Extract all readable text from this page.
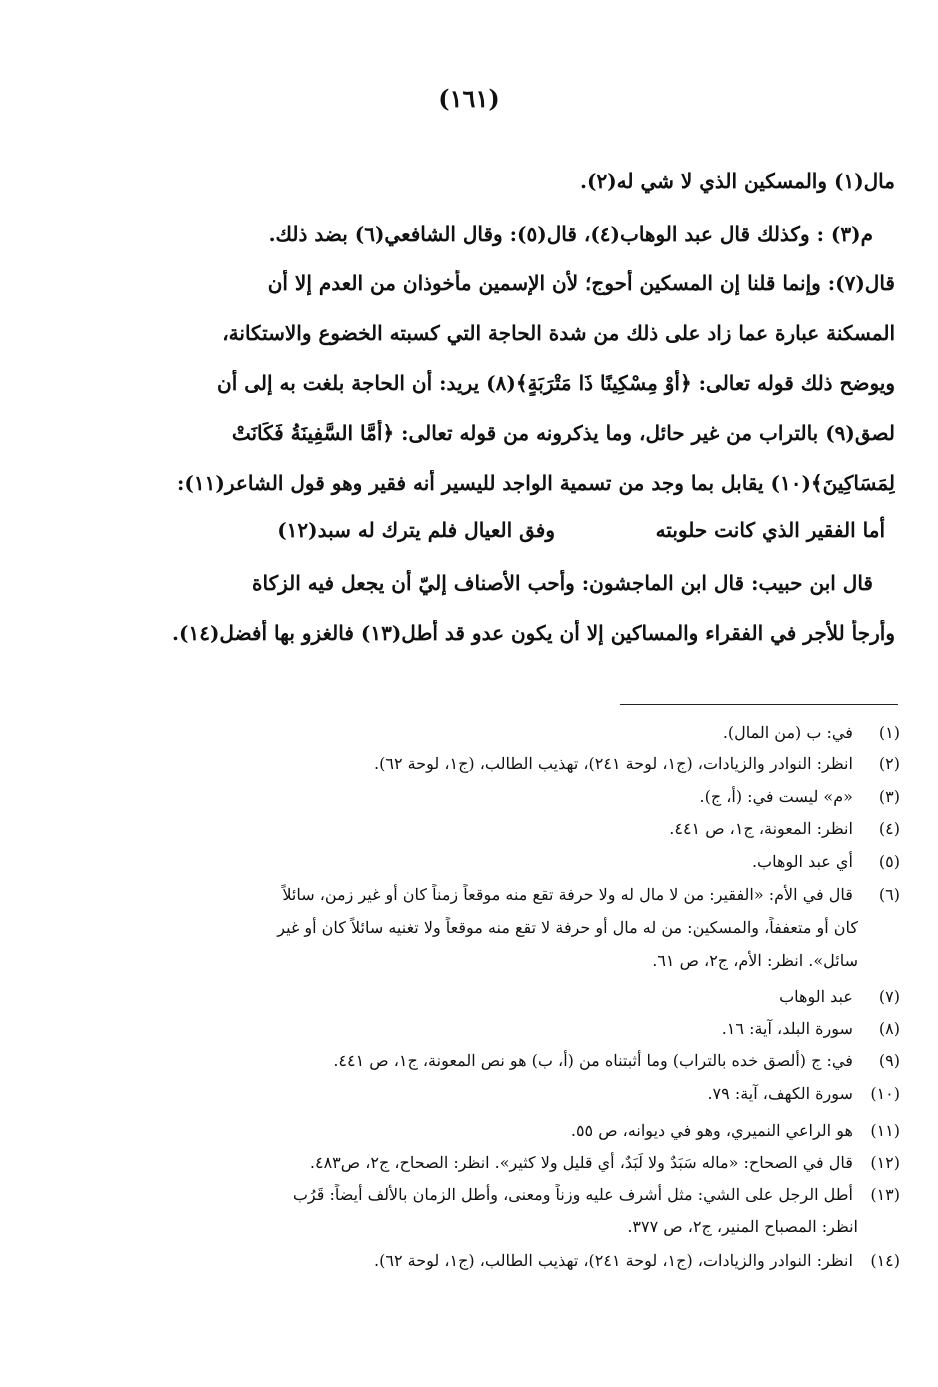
(١٦١)
مال(١) والمسكين الذي لا شي له(٢).
م(٣) : وكذلك قال عبد الوهاب(٤)، قال(٥): وقال الشافعي(٦) بضد ذلك.
قال(٧): وإنما قلنا إن المسكين أحوج؛ لأن الإسمين مأخوذان من العدم إلا أن
المسكنة عبارة عما زاد على ذلك من شدة الحاجة التي كسبته الخضوع والاستكانة،
ويوضح ذلك قوله تعالى: ﴿أَوْ مِسْكِينًا ذَا مَتْرَبَةٍ﴾(٨) يريد: أن الحاجة بلغت به إلى أن
لصق(٩) بالتراب من غير حائل، وما يذكرونه من قوله تعالى: ﴿أَمَّا السَّفِينَةُ فَكَانَتْ
لِمَسَاكِينَ﴾(١٠) يقابل بما وجد من تسمية الواجد لليسير أنه فقير وهو قول الشاعر(١١):
أما الفقير الذي كانت حلوبته
وفق العيال فلم يترك له سبد(١٢)
قال ابن حبيب: قال ابن الماجشون: وأحب الأصناف إليّ أن يجعل فيه الزكاة
وأرجأ للأجر في الفقراء والمساكين إلا أن يكون عدو قد أطل(١٣) فالغزو بها أفضل(١٤).
(١) في: ب (من المال).
(٢) انظر: النوادر والزيادات، (ج١، لوحة ٢٤١)، تهذيب الطالب، (ج١، لوحة ٦٢).
(٣) «م» ليست في: (أ، ج).
(٤) انظر: المعونة، ج١، ص ٤٤١.
(٥) أي عبد الوهاب.
(٦) قال في الأم: «الفقير: من لا مال له ولا حرفة تقع منه موقعاً زمناً كان أو غير زمن، سائلاً
كان أو متعففاً، والمسكين: من له مال أو حرفة لا تقع منه موقعاً ولا تغنيه سائلاً كان أو غير
سائل». انظر: الأم، ج٢، ص ٦١.
(٧) عبد الوهاب
(٨) سورة البلد، آية: ١٦.
(٩) في: ج (ألصق خده بالتراب) وما أثبتناه من (أ، ب) هو نص المعونة، ج١، ص ٤٤١.
(١٠) سورة الكهف، آية: ٧٩.
(١١) هو الراعي النميري، وهو في ديوانه، ص ٥٥.
(١٢) قال في الصحاح: «ماله سَبَدٌ ولا لَبَدٌ، أي قليل ولا كثير». انظر: الصحاح، ج٢، ص٤٨٣.
(١٣) أطل الرجل على الشي: مثل أشرف عليه وزناً ومعنى، وأطل الزمان بالألف أيضاً: قَرُب
انظر: المصباح المنير، ج٢، ص ٣٧٧.
(١٤) انظر: النوادر والزيادات، (ج١، لوحة ٢٤١)، تهذيب الطالب، (ج١، لوحة ٦٢).
